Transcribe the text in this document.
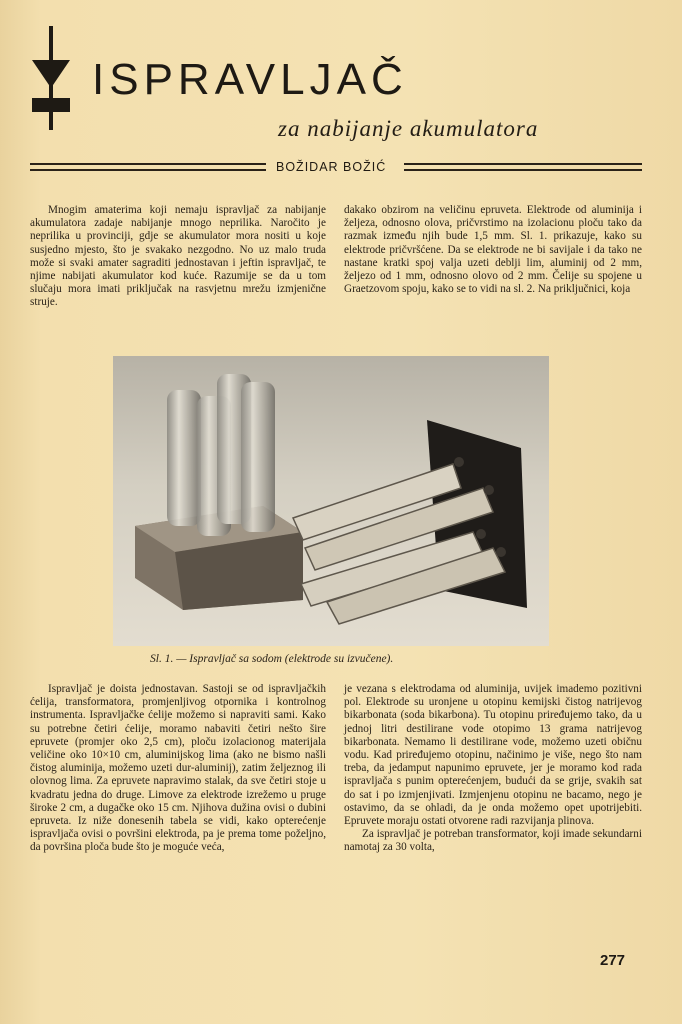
ISPRAVLJAČ
za nabijanje akumulatora
BOŽIDAR BOŽIĆ

Mnogim amaterima koji nemaju ispravljač za nabijanje akumulatora zadaje nabijanje mnogo neprilika. Naročito je neprilika u provinciji, gdje se akumulator mora nositi u koje susjedno mjesto, što je svakako nezgodno. No uz malo truda može si svaki amater sagraditi jednostavan i jeftin ispravljač, te njime nabijati akumulator kod kuće. Razumije se da u tom slučaju mora imati priključak na rasvjetnu mrežu izmjenične struje.

dakako obzirom na veličinu epruveta. Elektrode od aluminija i željeza, odnosno olova, pričvrstimo na izolacionu ploču tako da razmak između njih bude 1,5 mm. Sl. 1. prikazuje, kako su elektrode pričvršćene. Da se elektrode ne bi savijale i da tako ne nastane kratki spoj valja uzeti deblji lim, aluminij od 2 mm, željezo od 1 mm, odnosno olovo od 2 mm. Čelije su spojene u Graetzovom spoju, kako se to vidi na sl. 2. Na priključnici, koja

Sl. 1. — Ispravljač sa sodom (elektrode su izvučene).

Ispravljač je doista jednostavan. Sastoji se od ispravljačkih ćelija, transformatora, promjenljivog otpornika i kontrolnog instrumenta. Ispravljačke ćelije možemo si napraviti sami. Kako su potrebne četiri ćelije, moramo nabaviti četiri nešto šire epruvete (promjer oko 2,5 cm), ploču izolacionog materijala veličine oko 10×10 cm, aluminijskog lima (ako ne bismo našli čistog aluminija, možemo uzeti dur-aluminij), zatim željeznog ili olovnog lima. Za epruvete napravimo stalak, da sve četiri stoje u kvadratu jedna do druge. Limove za elektrode izrežemo u pruge široke 2 cm, a dugačke oko 15 cm. Njihova dužina ovisi o dubini epruveta. Iz niže donesenih tabela se vidi, kako opterećenje ispravljača ovisi o površini elektroda, pa je prema tome poželjno, da površina ploča bude što je moguće veća,

je vezana s elektrodama od aluminija, uvijek imademo pozitivni pol. Elektrode su uronjene u otopinu kemijski čistog natrijevog bikarbonata (soda bikarbona). Tu otopinu priređujemo tako, da u jednoj litri destilirane vode otopimo 13 grama natrijevog bikarbonata. Nemamo li destilirane vode, možemo uzeti običnu vodu. Kad priređujemo otopinu, načinimo je više, nego što nam treba, da jedamput napunimo epruvete, jer je moramo kod rada ispravljača s punim opterećenjem, budući da se grije, svakih sat do sat i po izmjenjivati. Izmjenjenu otopinu ne bacamo, nego je ostavimo, da se ohladi, da je onda možemo opet upotrijebiti. Epruvete moraju ostati otvorene radi razvijanja plinova.

Za ispravljač je potreban transformator, koji imade sekundarni namotaj za 30 volta,

277
